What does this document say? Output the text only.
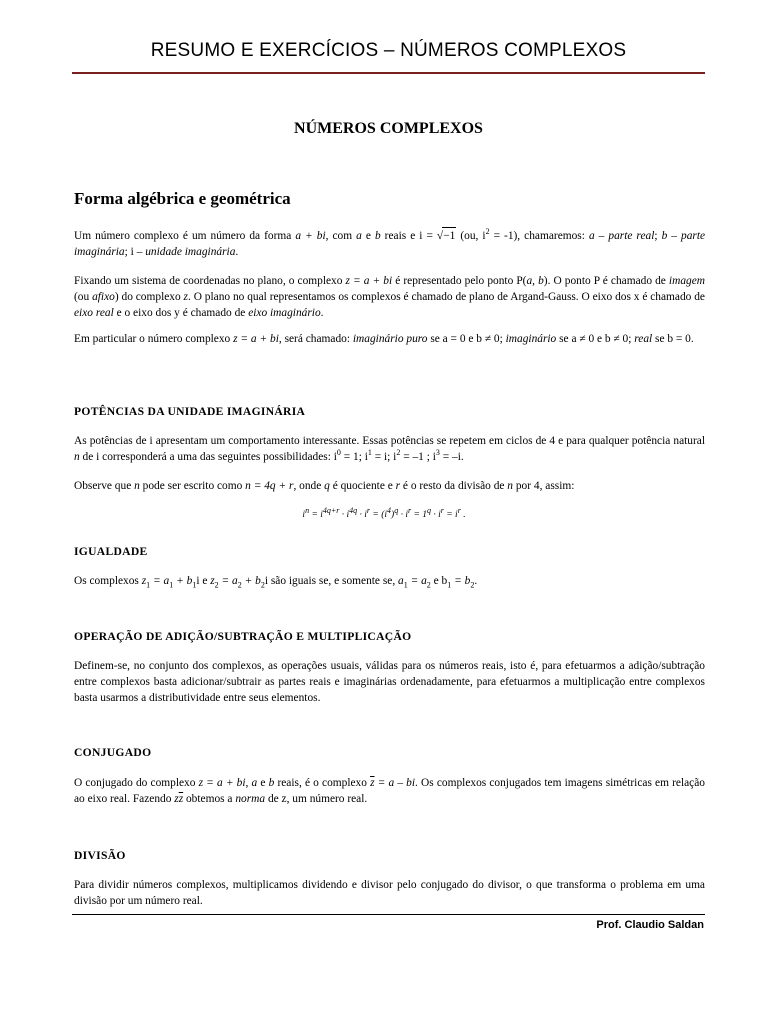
RESUMO E EXERCÍCIOS – NÚMEROS COMPLEXOS
NÚMEROS COMPLEXOS
Forma algébrica e geométrica
Um número complexo é um número da forma a + bi, com a e b reais e i = √−1 (ou, $i^2 = -1$), chamaremos: a – parte real; b – parte imaginária; i – unidade imaginária.
Fixando um sistema de coordenadas no plano, o complexo z = a + bi é representado pelo ponto P(a, b). O ponto P é chamado de imagem (ou afixo) do complexo z. O plano no qual representamos os complexos é chamado de plano de Argand-Gauss. O eixo dos x é chamado de eixo real e o eixo dos y é chamado de eixo imaginário.
Em particular o número complexo z = a + bi, será chamado: imaginário puro se a = 0 e b ≠ 0; imaginário se a ≠ 0 e b ≠ 0; real se b = 0.
POTÊNCIAS DA UNIDADE IMAGINÁRIA
As potências de i apresentam um comportamento interessante. Essas potências se repetem em ciclos de 4 e para qualquer potência natural n de i corresponderá a uma das seguintes possibilidades: $i^0 = 1$; $i^1 = i$; $i^2 = -1$ ; $i^3 = -i$.
Observe que n pode ser escrito como n = 4q + r, onde q é quociente e r é o resto da divisão de n por 4, assim:
$i^n = i^{4q+r} \cdot i^{4q} \cdot i^r = (i^4)^q \cdot i^r = 1^q \cdot i^r = i^r$ .
IGUALDADE
Os complexos $z_1 = a_1 + b_1i$ e $z_2 = a_2 + b_2i$ são iguais se, e somente se, $a_1 = a_2$ e $b_1 = b_2$.
OPERAÇÃO DE ADIÇÃO/SUBTRAÇÃO E MULTIPLICAÇÃO
Definem-se, no conjunto dos complexos, as operações usuais, válidas para os números reais, isto é, para efetuarmos a adição/subtração entre complexos basta adicionar/subtrair as partes reais e imaginárias ordenadamente, para efetuarmos a multiplicação entre complexos basta usarmos a distributividade entre seus elementos.
CONJUGADO
O conjugado do complexo z = a + bi, a e b reais, é o complexo $\overline{z} = a$ – bi. Os complexos conjugados tem imagens simétricas em relação ao eixo real. Fazendo $z\overline{z}$ obtemos a norma de z, um número real.
DIVISÃO
Para dividir números complexos, multiplicamos dividendo e divisor pelo conjugado do divisor, o que transforma o problema em uma divisão por um número real.
Prof. Claudio Saldan
